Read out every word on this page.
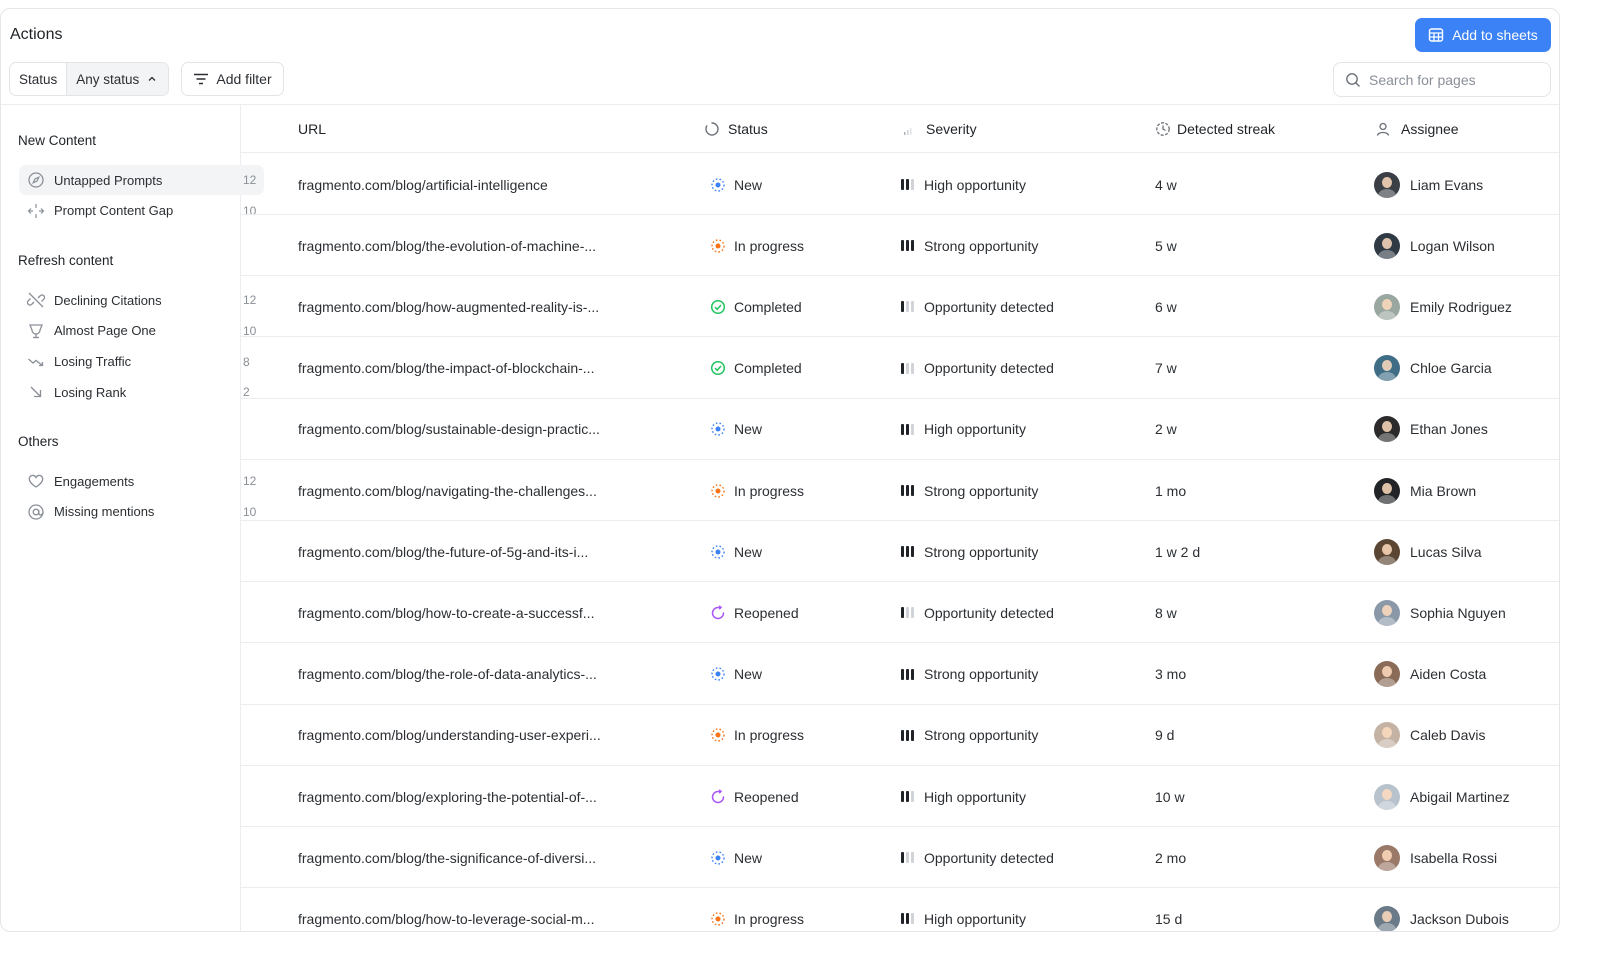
Actions	Add to sheets
Status	Any status	Add filter
Search for pages
New Content
Untapped Prompts	12
Prompt Content Gap	10
Refresh content
Declining Citations	12
Almost Page One	10
Losing Traffic	8
Losing Rank	2
Others
Engagements	12
Missing mentions	10
URL	Status	Severity	Detected streak	Assignee
fragmento.com/blog/artificial-intelligence	New	High opportunity	4 w	Liam Evans
fragmento.com/blog/the-evolution-of-machine-...	In progress	Strong opportunity	5 w	Logan Wilson
fragmento.com/blog/how-augmented-reality-is-...	Completed	Opportunity detected	6 w	Emily Rodriguez
fragmento.com/blog/the-impact-of-blockchain-...	Completed	Opportunity detected	7 w	Chloe Garcia
fragmento.com/blog/sustainable-design-practic...	New	High opportunity	2 w	Ethan Jones
fragmento.com/blog/navigating-the-challenges...	In progress	Strong opportunity	1 mo	Mia Brown
fragmento.com/blog/the-future-of-5g-and-its-i...	New	Strong opportunity	1 w 2 d	Lucas Silva
fragmento.com/blog/how-to-create-a-successf...	Reopened	Opportunity detected	8 w	Sophia Nguyen
fragmento.com/blog/the-role-of-data-analytics-...	New	Strong opportunity	3 mo	Aiden Costa
fragmento.com/blog/understanding-user-experi...	In progress	Strong opportunity	9 d	Caleb Davis
fragmento.com/blog/exploring-the-potential-of-...	Reopened	High opportunity	10 w	Abigail Martinez
fragmento.com/blog/the-significance-of-diversi...	New	Opportunity detected	2 mo	Isabella Rossi
fragmento.com/blog/how-to-leverage-social-m...	In progress	High opportunity	15 d	Jackson Dubois
